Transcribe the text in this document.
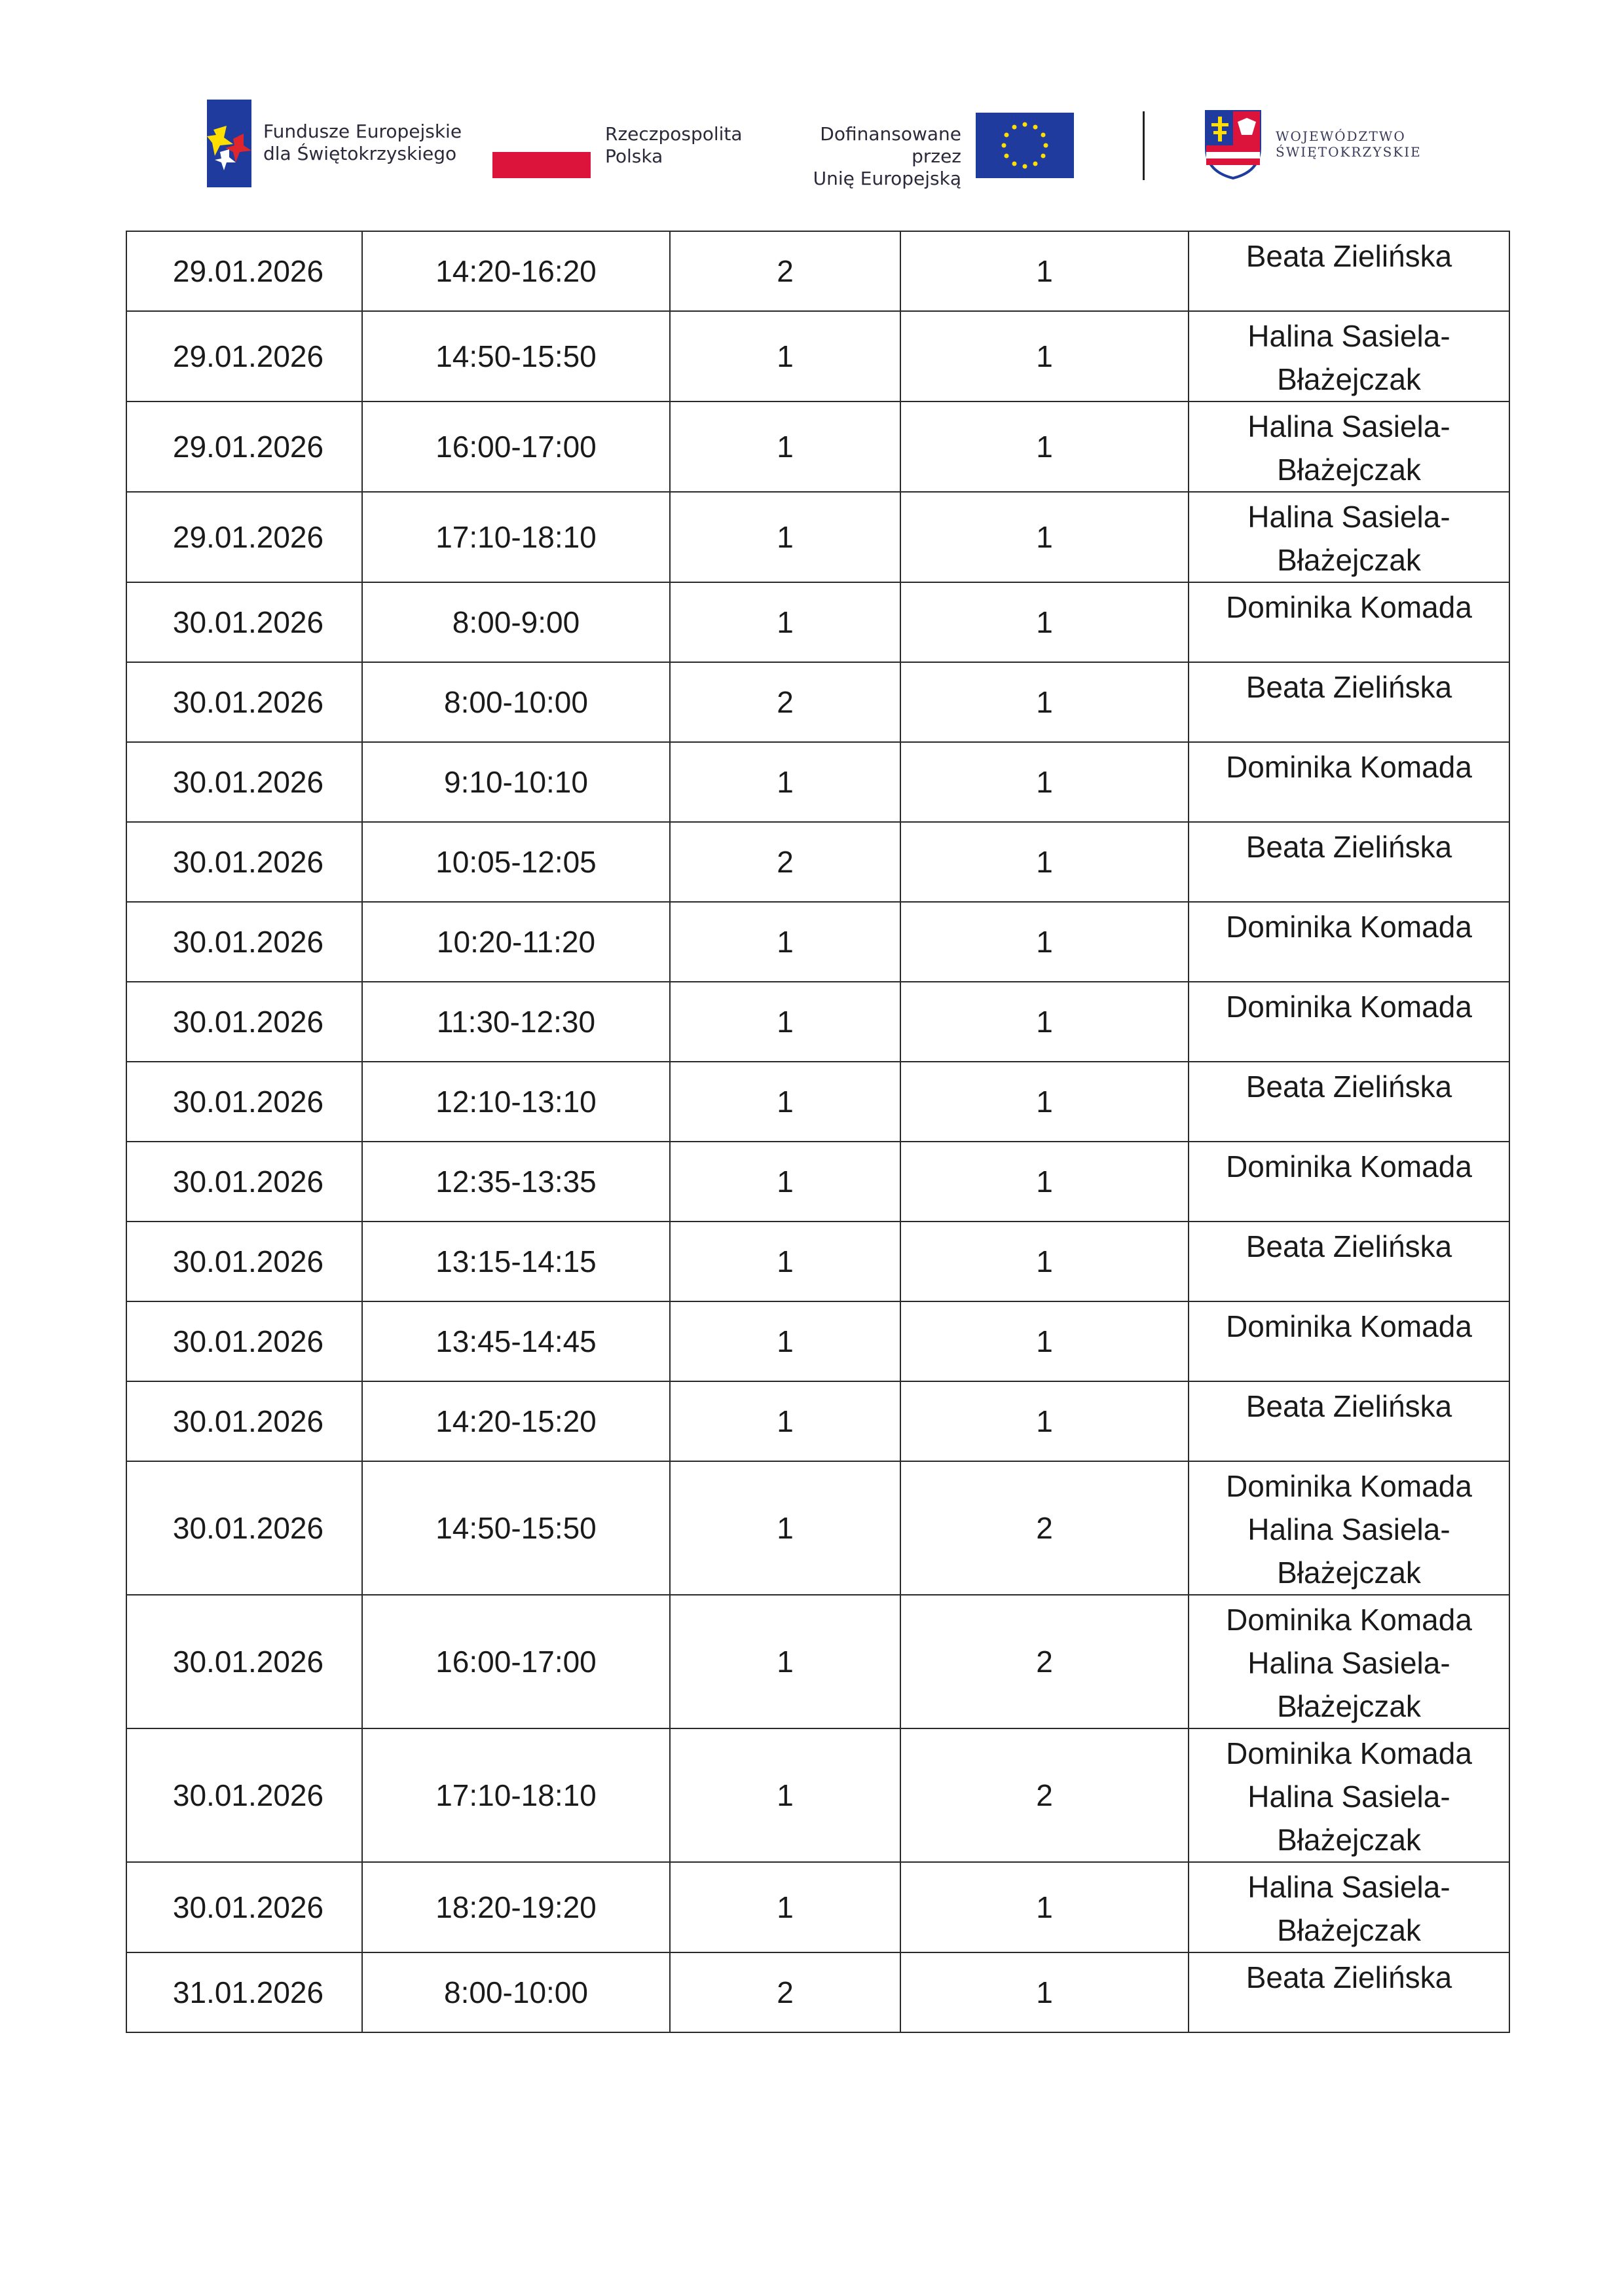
Fundusze Europejskie
dla Świętokrzyskiego
Rzeczpospolita
Polska
Dofinansowane przez
Unię Europejską
WOJEWÓDZTWO
ŚWIĘTOKRZYSKIE
29.01.2026	14:20-16:20	2	1	Beata Zielińska

29.01.2026	14:50-15:50	1	1	Halina Sasiela-
Błażejczak

29.01.2026	16:00-17:00	1	1	Halina Sasiela-
Błażejczak

29.01.2026	17:10-18:10	1	1	Halina Sasiela-
Błażejczak

30.01.2026	8:00-9:00	1	1	Dominika Komada

30.01.2026	8:00-10:00	2	1	Beata Zielińska

30.01.2026	9:10-10:10	1	1	Dominika Komada

30.01.2026	10:05-12:05	2	1	Beata Zielińska

30.01.2026	10:20-11:20	1	1	Dominika Komada

30.01.2026	11:30-12:30	1	1	Dominika Komada

30.01.2026	12:10-13:10	1	1	Beata Zielińska

30.01.2026	12:35-13:35	1	1	Dominika Komada

30.01.2026	13:15-14:15	1	1	Beata Zielińska

30.01.2026	13:45-14:45	1	1	Dominika Komada

30.01.2026	14:20-15:20	1	1	Beata Zielińska

30.01.2026	14:50-15:50	1	2	Dominika Komada
Halina Sasiela-
Błażejczak

30.01.2026	16:00-17:00	1	2	Dominika Komada
Halina Sasiela-
Błażejczak

30.01.2026	17:10-18:10	1	2	Dominika Komada
Halina Sasiela-
Błażejczak

30.01.2026	18:20-19:20	1	1	Halina Sasiela-
Błażejczak

31.01.2026	8:00-10:00	2	1	Beata Zielińska
